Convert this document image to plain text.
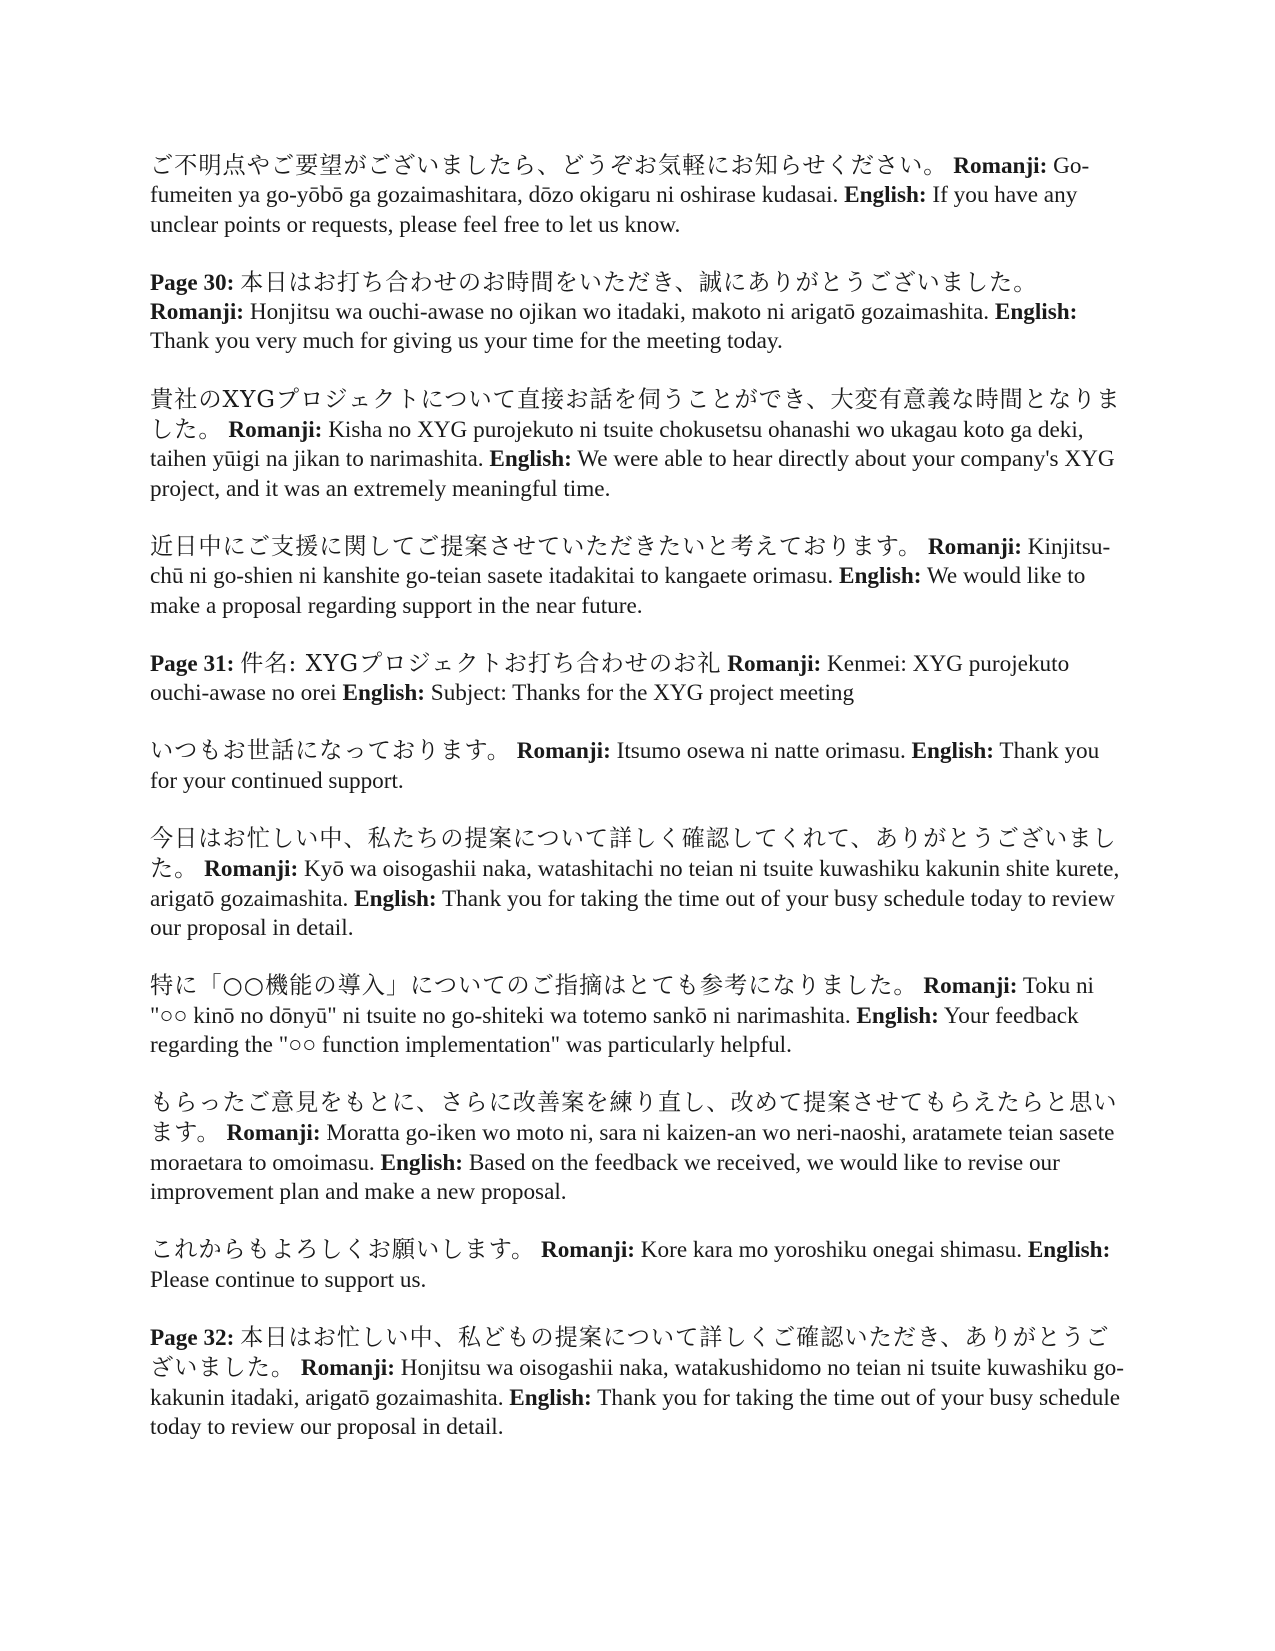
ご不明点やご要望がございましたら、どうぞお気軽にお知らせください。 Romanji: Go-fumeiten ya go-yōbō ga gozaimashitara, dōzo okigaru ni oshirase kudasai. English: If you have any unclear points or requests, please feel free to let us know.

Page 30: 本日はお打ち合わせのお時間をいただき、誠にありがとうございました。 Romanji: Honjitsu wa ouchi-awase no ojikan wo itadaki, makoto ni arigatō gozaimashita. English: Thank you very much for giving us your time for the meeting today.

貴社のXYGプロジェクトについて直接お話を伺うことができ、大変有意義な時間となりました。 Romanji: Kisha no XYG purojekuto ni tsuite chokusetsu ohanashi wo ukagau koto ga deki, taihen yūigi na jikan to narimashita. English: We were able to hear directly about your company's XYG project, and it was an extremely meaningful time.

近日中にご支援に関してご提案させていただきたいと考えております。 Romanji: Kinjitsu-chū ni go-shien ni kanshite go-teian sasete itadakitai to kangaete orimasu. English: We would like to make a proposal regarding support in the near future.

Page 31: 件名: XYGプロジェクトお打ち合わせのお礼 Romanji: Kenmei: XYG purojekuto ouchi-awase no orei English: Subject: Thanks for the XYG project meeting

いつもお世話になっております。 Romanji: Itsumo osewa ni natte orimasu. English: Thank you for your continued support.

今日はお忙しい中、私たちの提案について詳しく確認してくれて、ありがとうございました。 Romanji: Kyō wa oisogashii naka, watashitachi no teian ni tsuite kuwashiku kakunin shite kurete, arigatō gozaimashita. English: Thank you for taking the time out of your busy schedule today to review our proposal in detail.

特に「○○機能の導入」についてのご指摘はとても参考になりました。 Romanji: Toku ni "○○ kinō no dōnyū" ni tsuite no go-shiteki wa totemo sankō ni narimashita. English: Your feedback regarding the "○○ function implementation" was particularly helpful.

もらったご意見をもとに、さらに改善案を練り直し、改めて提案させてもらえたらと思います。 Romanji: Moratta go-iken wo moto ni, sara ni kaizen-an wo neri-naoshi, aratamete teian sasete moraetara to omoimasu. English: Based on the feedback we received, we would like to revise our improvement plan and make a new proposal.

これからもよろしくお願いします。 Romanji: Kore kara mo yoroshiku onegai shimasu. English: Please continue to support us.

Page 32: 本日はお忙しい中、私どもの提案について詳しくご確認いただき、ありがとうございました。 Romanji: Honjitsu wa oisogashii naka, watakushidomo no teian ni tsuite kuwashiku go-kakunin itadaki, arigatō gozaimashita. English: Thank you for taking the time out of your busy schedule today to review our proposal in detail.
